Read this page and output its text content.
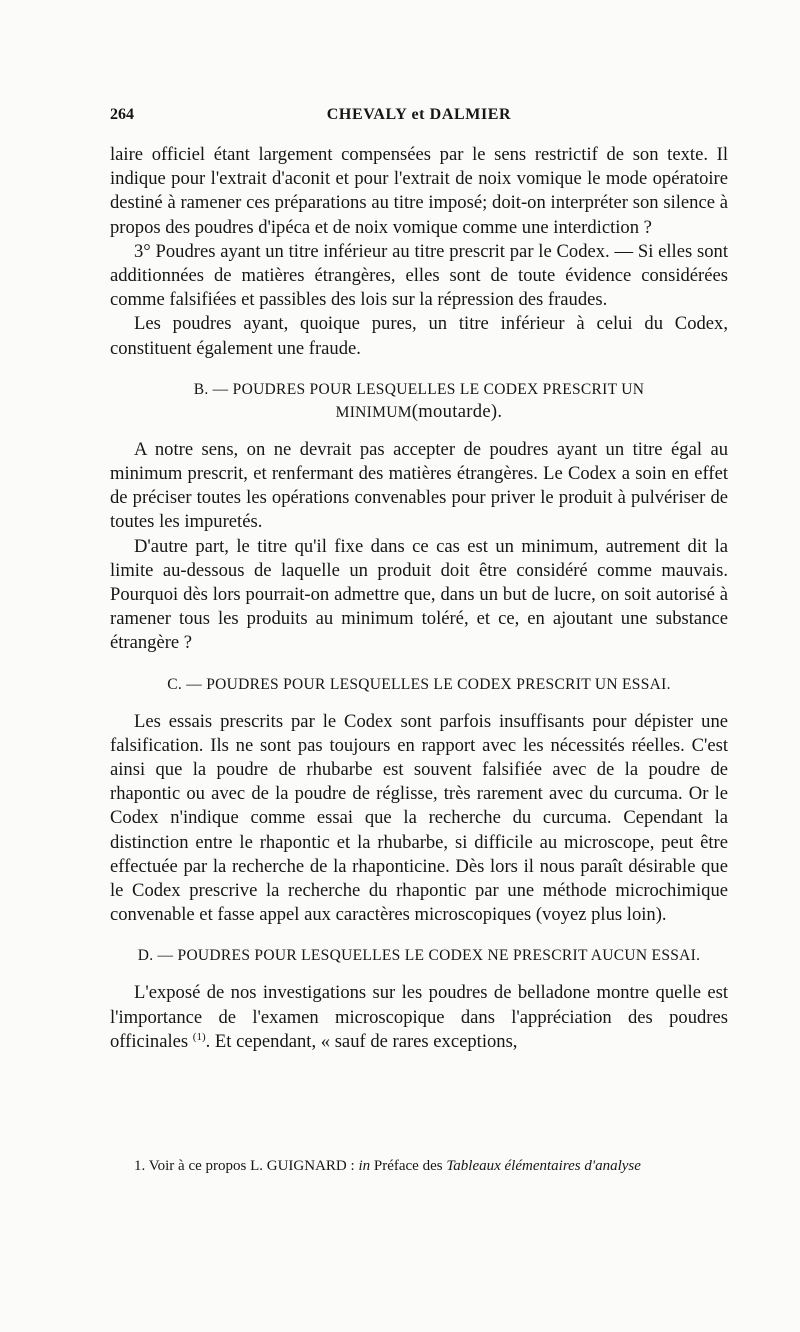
264	CHEVALY et DALMIER

laire officiel étant largement compensées par le sens restrictif de son texte. Il indique pour l'extrait d'aconit et pour l'extrait de noix vomique le mode opératoire destiné à ramener ces préparations au titre imposé; doit-on interpréter son silence à propos des poudres d'ipéca et de noix vomique comme une interdiction ?

3° Poudres ayant un titre inférieur au titre prescrit par le Codex. — Si elles sont additionnées de matières étrangères, elles sont de toute évidence considérées comme falsifiées et passibles des lois sur la répression des fraudes.

Les poudres ayant, quoique pures, un titre inférieur à celui du Codex, constituent également une fraude.

B. — POUDRES POUR LESQUELLES LE CODEX PRESCRIT UN MINIMUM(moutarde).

A notre sens, on ne devrait pas accepter de poudres ayant un titre égal au minimum prescrit, et renfermant des matières étrangères. Le Codex a soin en effet de préciser toutes les opérations convenables pour priver le produit à pulvériser de toutes les impuretés.

D'autre part, le titre qu'il fixe dans ce cas est un minimum, autrement dit la limite au-dessous de laquelle un produit doit être considéré comme mauvais. Pourquoi dès lors pourrait-on admettre que, dans un but de lucre, on soit autorisé à ramener tous les produits au minimum toléré, et ce, en ajoutant une substance étrangère ?

C. — POUDRES POUR LESQUELLES LE CODEX PRESCRIT UN ESSAI.

Les essais prescrits par le Codex sont parfois insuffisants pour dépister une falsification. Ils ne sont pas toujours en rapport avec les nécessités réelles. C'est ainsi que la poudre de rhubarbe est souvent falsifiée avec de la poudre de rhapontic ou avec de la poudre de réglisse, très rarement avec du curcuma. Or le Codex n'indique comme essai que la recherche du curcuma. Cependant la distinction entre le rhapontic et la rhubarbe, si difficile au microscope, peut être effectuée par la recherche de la rhaponticine. Dès lors il nous paraît désirable que le Codex prescrive la recherche du rhapontic par une méthode microchimique convenable et fasse appel aux caractères microscopiques (voyez plus loin).

D. — POUDRES POUR LESQUELLES LE CODEX NE PRESCRIT AUCUN ESSAI.

L'exposé de nos investigations sur les poudres de belladone montre quelle est l'importance de l'examen microscopique dans l'appréciation des poudres officinales $^{(1)}$. Et cependant, « sauf de rares exceptions,

1. Voir à ce propos L. GUIGNARD : in Préface des Tableaux élémentaires d'analyse
